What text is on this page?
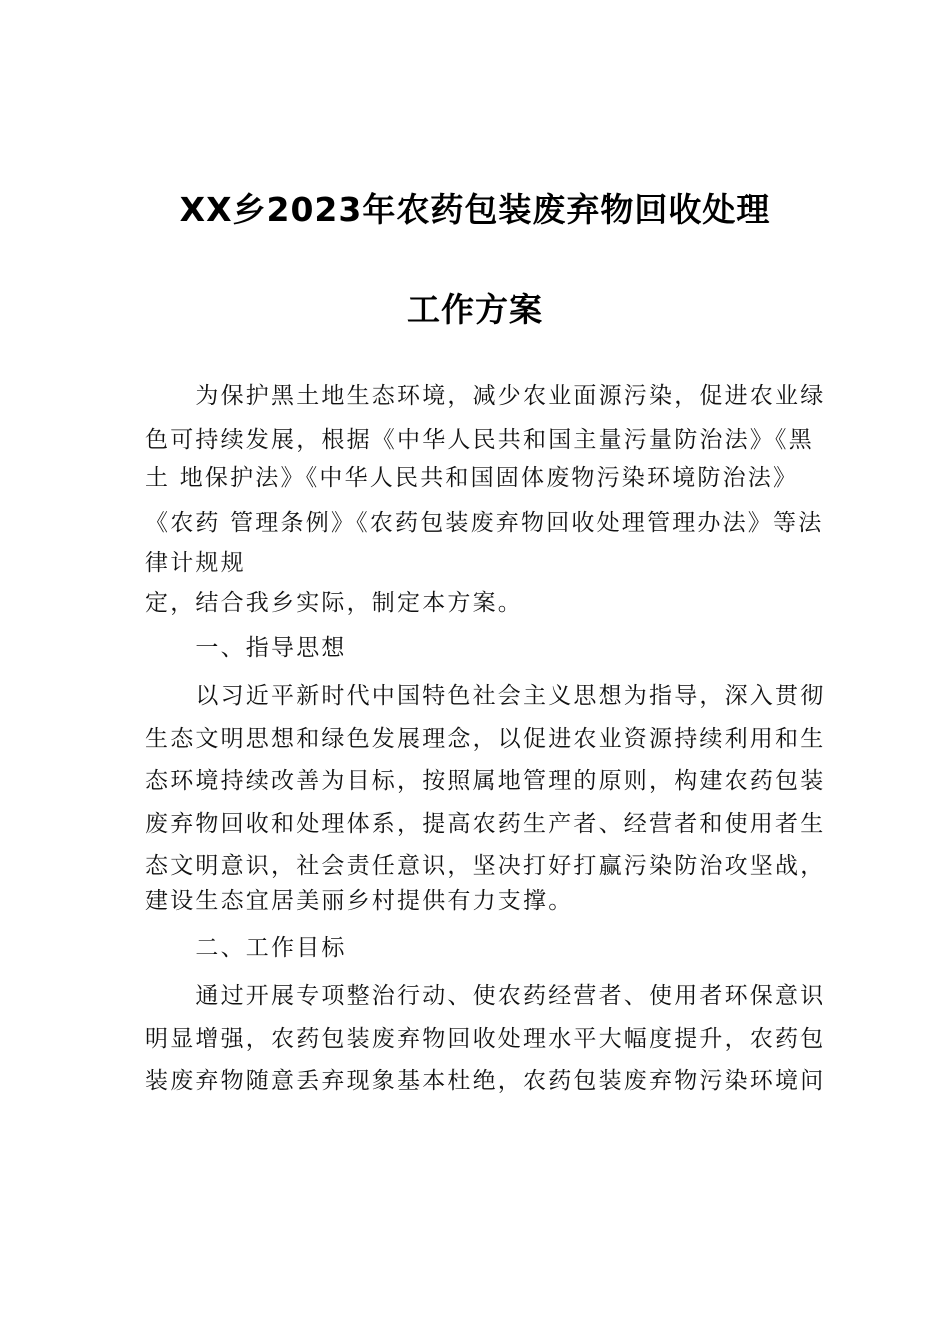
XX乡2023年农药包装废弃物回收处理
工作方案
　　为保护黑土地生态环境，减少农业面源污染，促进农业绿
色可持续发展，根据《中华人民共和国主量污量防治法》《黑
土 地保护法》《中华人民共和国固体废物污染环境防治法》
《农药 管理条例》《农药包装废弃物回收处理管理办法》等法
律计规规
定，结合我乡实际，制定本方案。
　　一、指导思想
　　以习近平新时代中国特色社会主义思想为指导，深入贯彻
生态文明思想和绿色发展理念，以促进农业资源持续利用和生
态环境持续改善为目标，按照属地管理的原则，构建农药包装
废弃物回收和处理体系，提高农药生产者、经营者和使用者生
态文明意识，社会责任意识，坚决打好打赢污染防治攻坚战，
建设生态宜居美丽乡村提供有力支撑。
　　二、工作目标
　　通过开展专项整治行动、使农药经营者、使用者环保意识
明显增强，农药包装废弃物回收处理水平大幅度提升，农药包
装废弃物随意丢弃现象基本杜绝，农药包装废弃物污染环境问
